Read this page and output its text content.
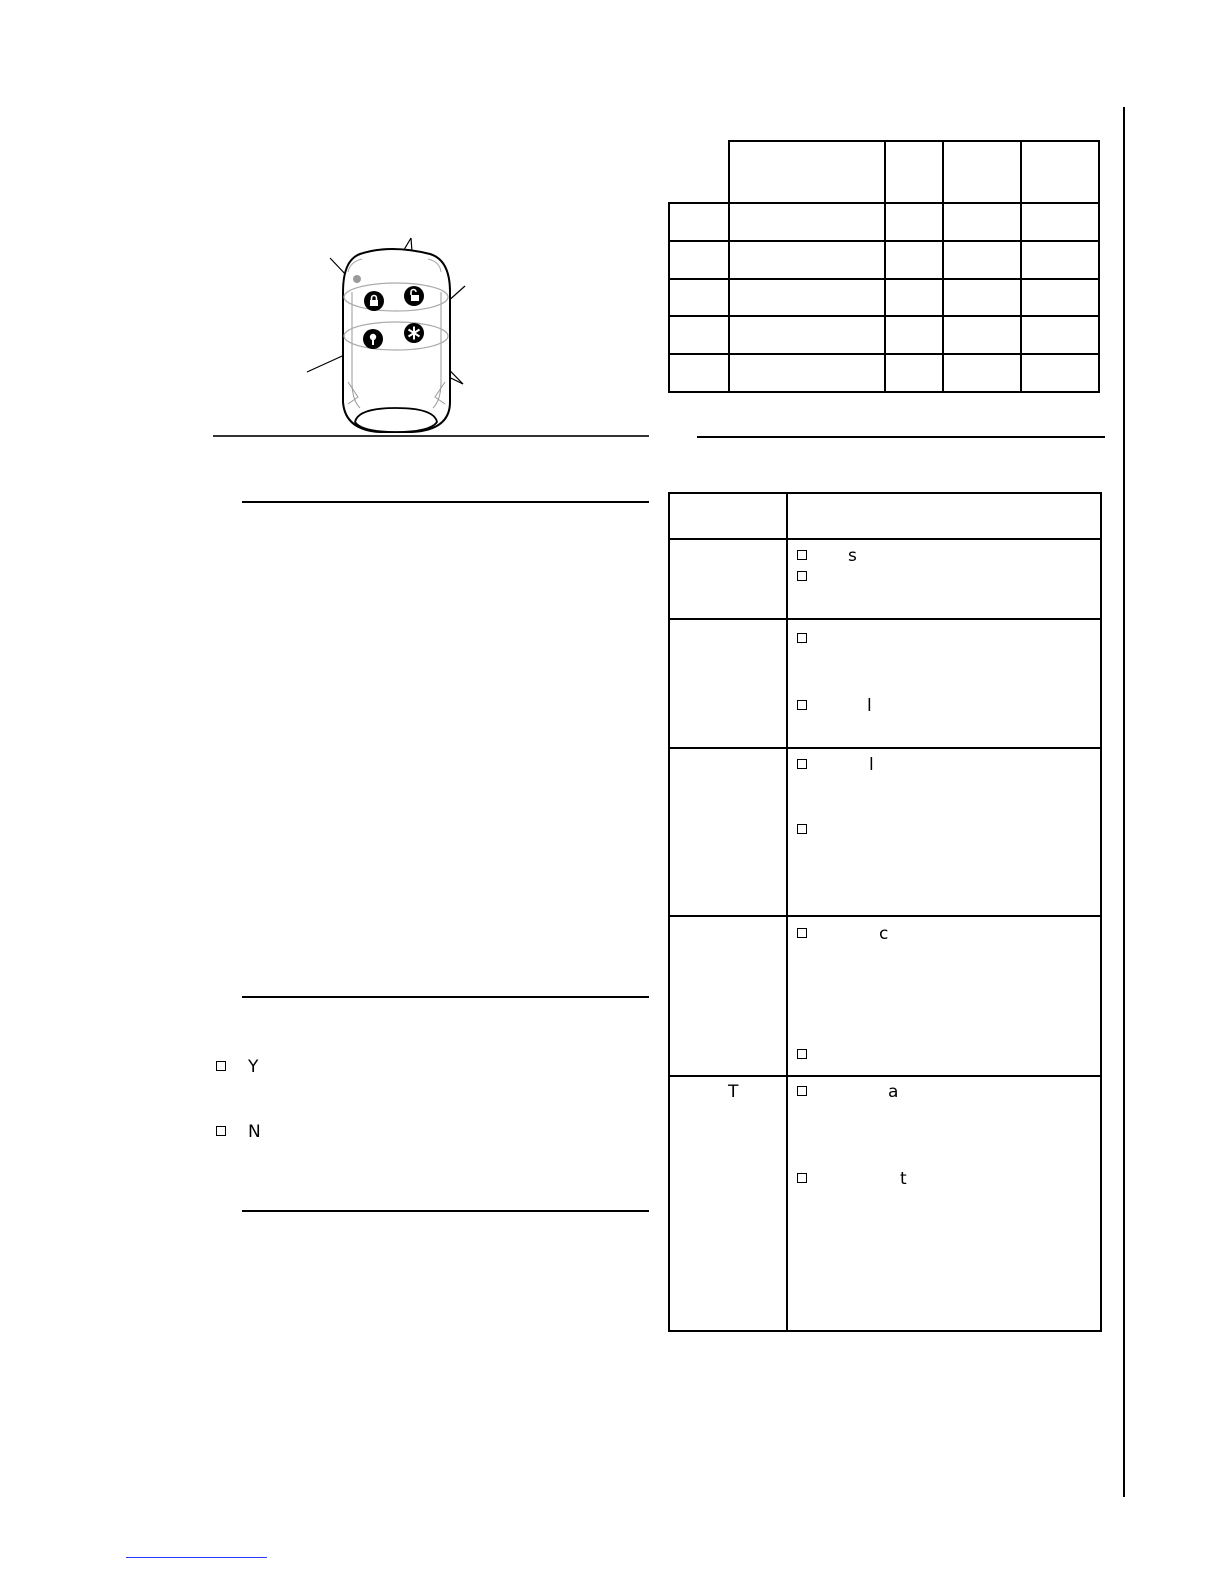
Y
N
s
l
l
c
T	a
t
